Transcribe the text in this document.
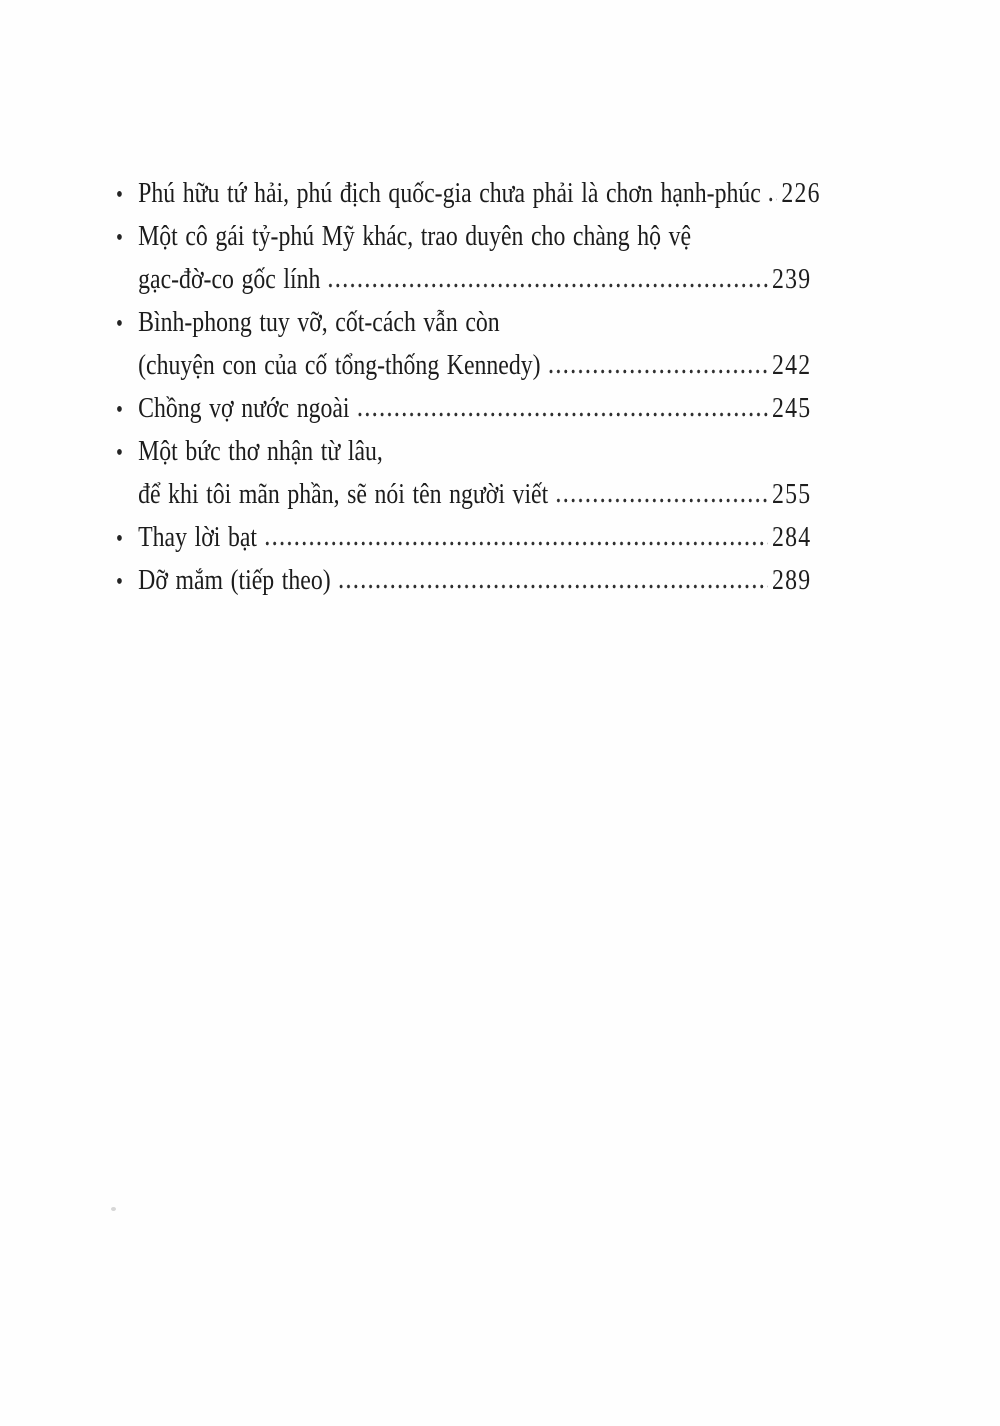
• Phú hữu tứ hải, phú địch quốc-gia chưa phải là chơn hạnh-phúc 226
• Một cô gái tỷ-phú Mỹ khác, trao duyên cho chàng hộ vệ
gạc-đờ-co gốc lính	239
• Bình-phong tuy vỡ, cốt-cách vẫn còn
(chuyện con của cố tổng-thống Kennedy)	242
• Chồng vợ nước ngoài	245
• Một bức thơ nhận từ lâu,
để khi tôi mãn phần, sẽ nói tên người viết	255
• Thay lời bạt	284
• Dỡ mắm (tiếp theo)	289
